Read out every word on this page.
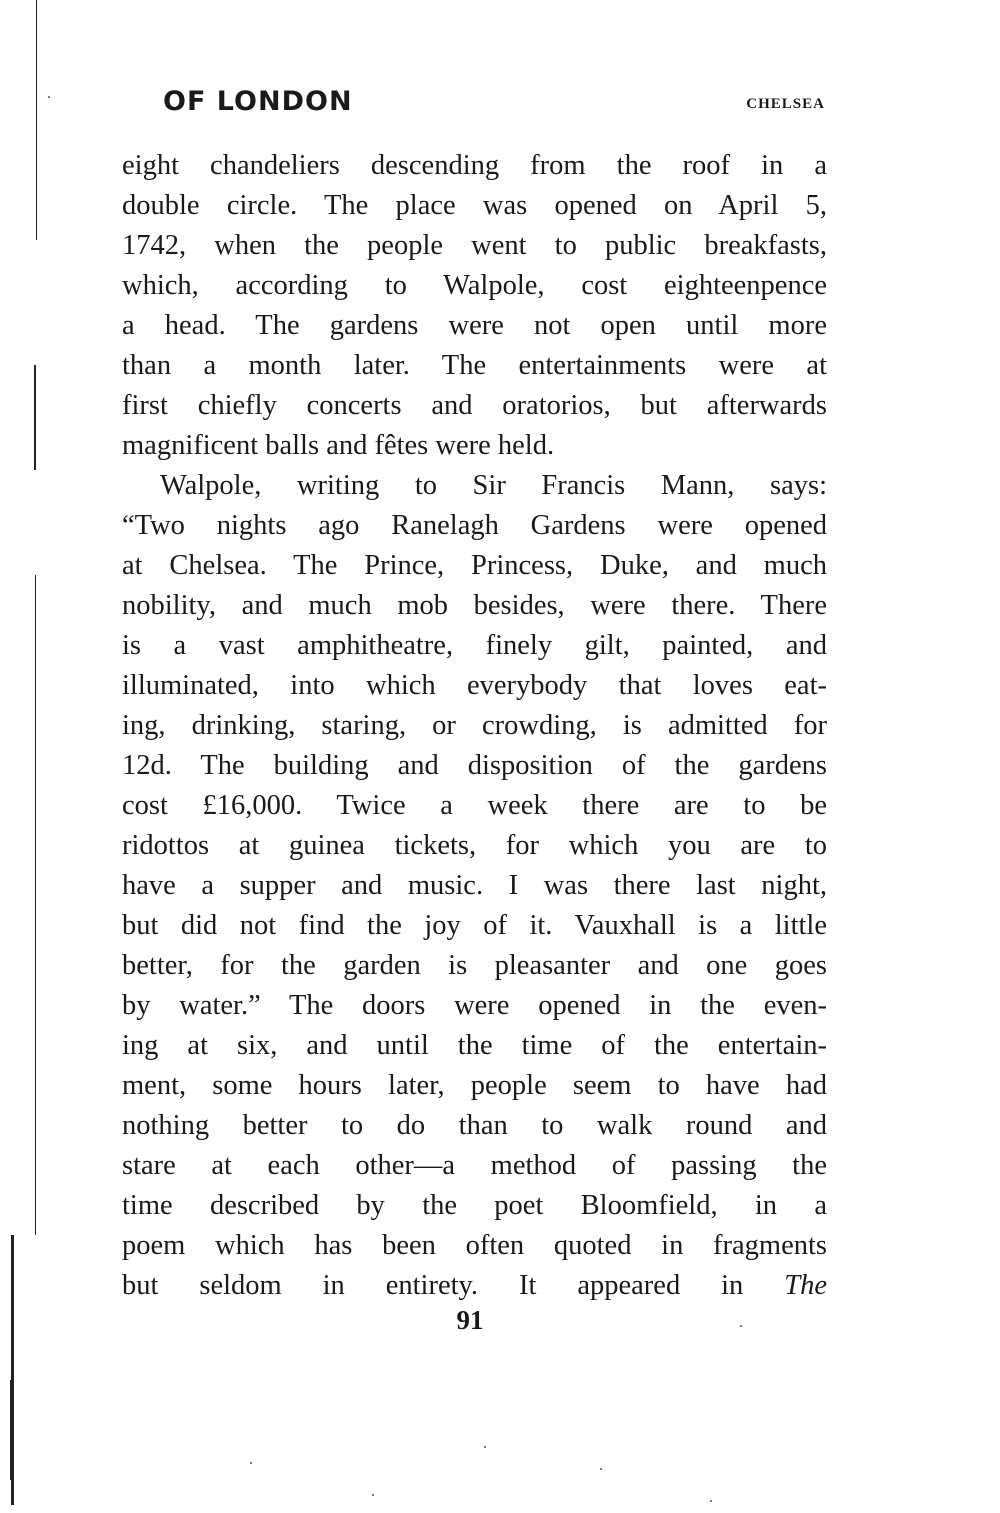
OF LONDON	CHELSEA
eight chandeliers descending from the roof in a
double circle. The place was opened on April 5,
1742, when the people went to public breakfasts,
which, according to Walpole, cost eighteenpence
a head. The gardens were not open until more
than a month later. The entertainments were at
first chiefly concerts and oratorios, but afterwards
magnificent balls and fêtes were held.
Walpole, writing to Sir Francis Mann, says:
“Two nights ago Ranelagh Gardens were opened
at Chelsea. The Prince, Princess, Duke, and much
nobility, and much mob besides, were there. There
is a vast amphitheatre, finely gilt, painted, and
illuminated, into which everybody that loves eat-
ing, drinking, staring, or crowding, is admitted for
12d. The building and disposition of the gardens
cost £16,000. Twice a week there are to be
ridottos at guinea tickets, for which you are to
have a supper and music. I was there last night,
but did not find the joy of it. Vauxhall is a little
better, for the garden is pleasanter and one goes
by water.” The doors were opened in the even-
ing at six, and until the time of the entertain-
ment, some hours later, people seem to have had
nothing better to do than to walk round and
stare at each other—a method of passing the
time described by the poet Bloomfield, in a
poem which has been often quoted in fragments
but seldom in entirety. It appeared in The
91
